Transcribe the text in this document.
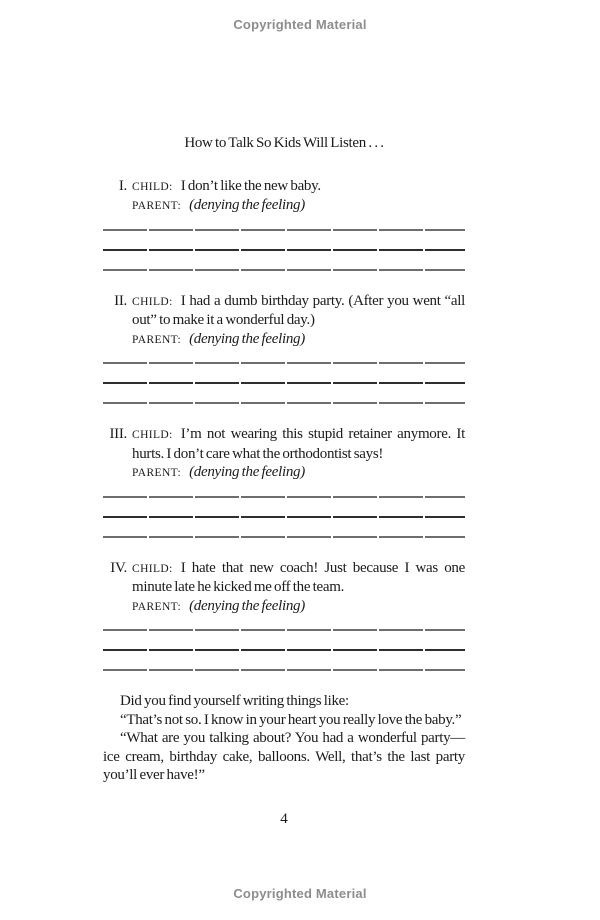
Copyrighted Material
How to Talk So Kids Will Listen . . .
I. CHILD: I don’t like the new baby.
PARENT: (denying the feeling)
II. CHILD: I had a dumb birthday party. (After you went “all out” to make it a wonderful day.)
PARENT: (denying the feeling)
III. CHILD: I’m not wearing this stupid retainer anymore. It hurts. I don’t care what the orthodontist says!
PARENT: (denying the feeling)
IV. CHILD: I hate that new coach! Just because I was one minute late he kicked me off the team.
PARENT: (denying the feeling)

Did you find yourself writing things like:

“That’s not so. I know in your heart you really love the baby.”

“What are you talking about? You had a wonderful party—ice cream, birthday cake, balloons. Well, that’s the last party you’ll ever have!”

4
Copyrighted Material
